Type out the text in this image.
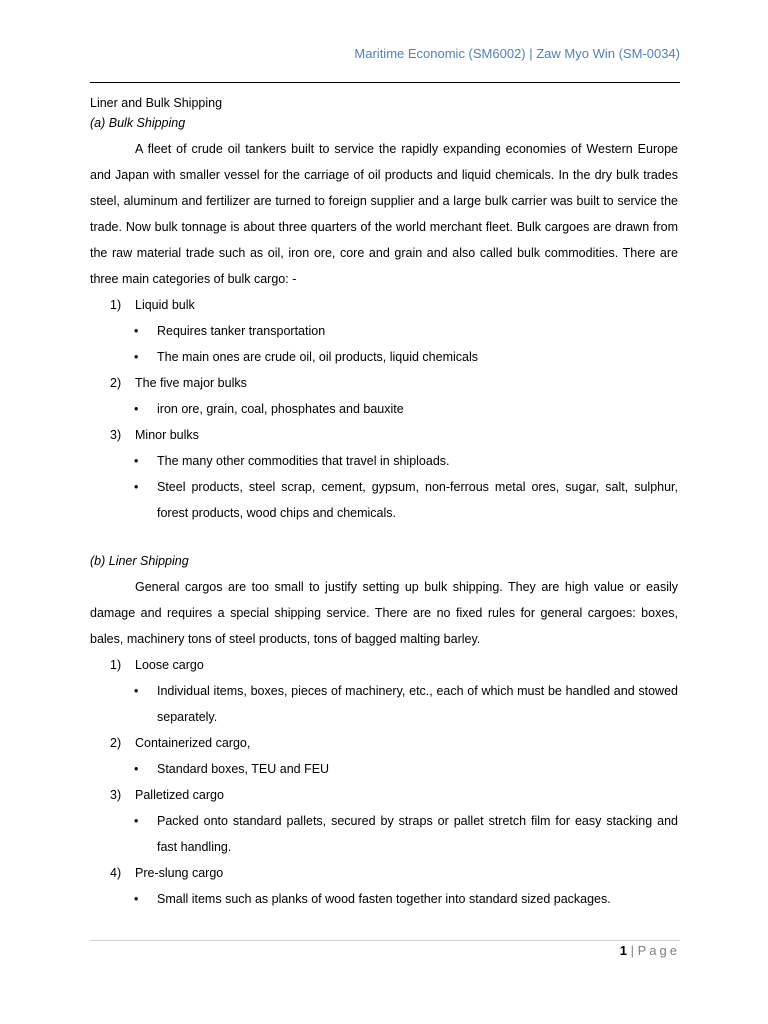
Maritime Economic (SM6002) | Zaw Myo Win (SM-0034)

Liner and Bulk Shipping

(a) Bulk Shipping

A fleet of crude oil tankers built to service the rapidly expanding economies of Western Europe and Japan with smaller vessel for the carriage of oil products and liquid chemicals. In the dry bulk trades steel, aluminum and fertilizer are turned to foreign supplier and a large bulk carrier was built to service the trade. Now bulk tonnage is about three quarters of the world merchant fleet. Bulk cargoes are drawn from the raw material trade such as oil, iron ore, core and grain and also called bulk commodities. There are three main categories of bulk cargo: -

1)	Liquid bulk
•	Requires tanker transportation
•	The main ones are crude oil, oil products, liquid chemicals
2)	The five major bulks
•	iron ore, grain, coal, phosphates and bauxite
3)	Minor bulks
•	The many other commodities that travel in shiploads.
•	Steel products, steel scrap, cement, gypsum, non-ferrous metal ores, sugar, salt, sulphur, forest products, wood chips and chemicals.

(b) Liner Shipping

General cargos are too small to justify setting up bulk shipping. They are high value or easily damage and requires a special shipping service. There are no fixed rules for general cargoes: boxes, bales, machinery tons of steel products, tons of bagged malting barley.

1)	Loose cargo
•	Individual items, boxes, pieces of machinery, etc., each of which must be handled and stowed separately.
2)	Containerized cargo,
•	Standard boxes, TEU and FEU
3)	Palletized cargo
•	Packed onto standard pallets, secured by straps or pallet stretch film for easy stacking and fast handling.
4)	Pre-slung cargo
•	Small items such as planks of wood fasten together into standard sized packages.
1 | Page
